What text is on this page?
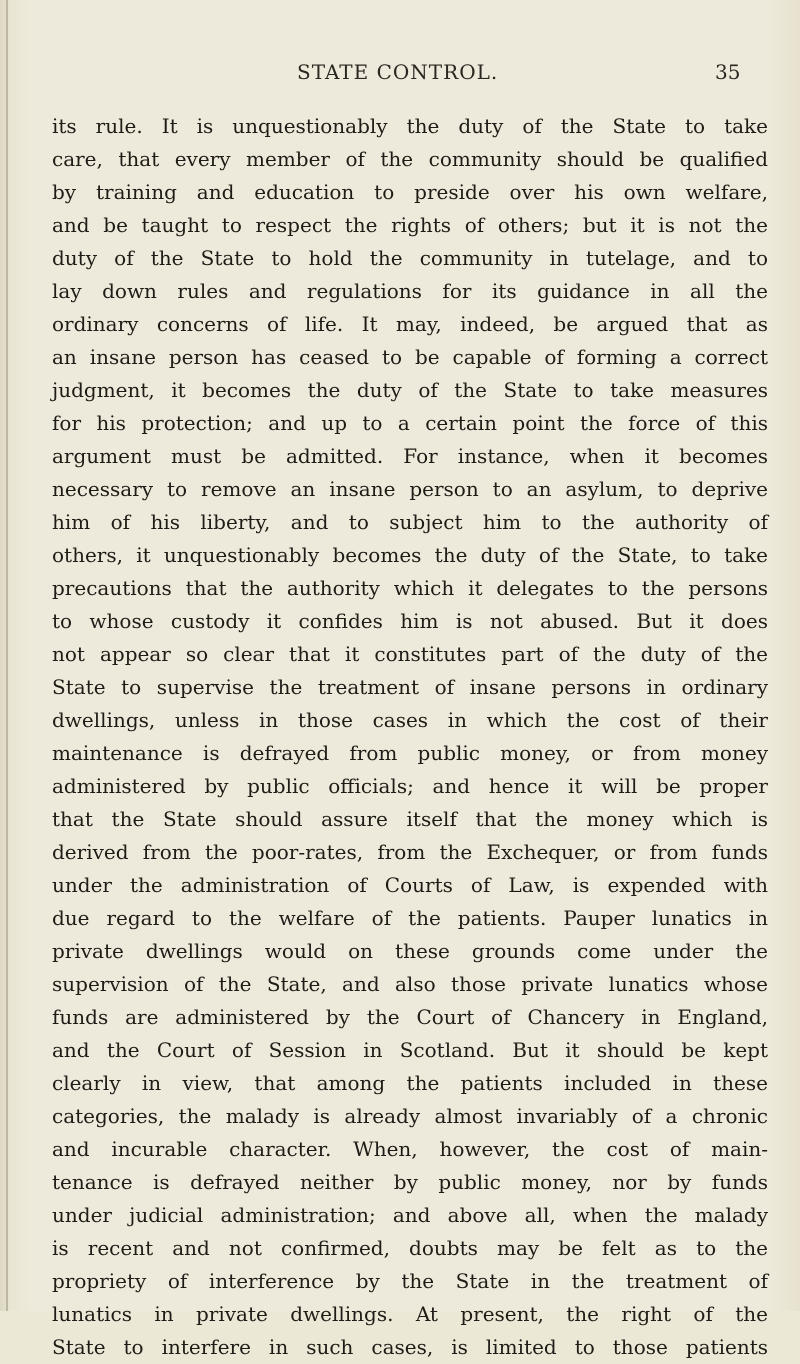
STATE CONTROL.	35
its rule. It is unquestionably the duty of the State to take
care, that every member of the community should be qualified
by training and education to preside over his own welfare,
and be taught to respect the rights of others; but it is not the
duty of the State to hold the community in tutelage, and to
lay down rules and regulations for its guidance in all the
ordinary concerns of life. It may, indeed, be argued that as
an insane person has ceased to be capable of forming a correct
judgment, it becomes the duty of the State to take measures
for his protection; and up to a certain point the force of this
argument must be admitted. For instance, when it becomes
necessary to remove an insane person to an asylum, to deprive
him of his liberty, and to subject him to the authority of
others, it unquestionably becomes the duty of the State, to take
precautions that the authority which it delegates to the persons
to whose custody it confides him is not abused. But it does
not appear so clear that it constitutes part of the duty of the
State to supervise the treatment of insane persons in ordinary
dwellings, unless in those cases in which the cost of their
maintenance is defrayed from public money, or from money
administered by public officials; and hence it will be proper
that the State should assure itself that the money which is
derived from the poor-rates, from the Exchequer, or from funds
under the administration of Courts of Law, is expended with
due regard to the welfare of the patients. Pauper lunatics in
private dwellings would on these grounds come under the
supervision of the State, and also those private lunatics whose
funds are administered by the Court of Chancery in England,
and the Court of Session in Scotland. But it should be kept
clearly in view, that among the patients included in these
categories, the malady is already almost invariably of a chronic
and incurable character. When, however, the cost of main-
tenance is defrayed neither by public money, nor by funds
under judicial administration; and above all, when the malady
is recent and not confirmed, doubts may be felt as to the
propriety of interference by the State in the treatment of
lunatics in private dwellings. At present, the right of the
State to interfere in such cases, is limited to those patients
